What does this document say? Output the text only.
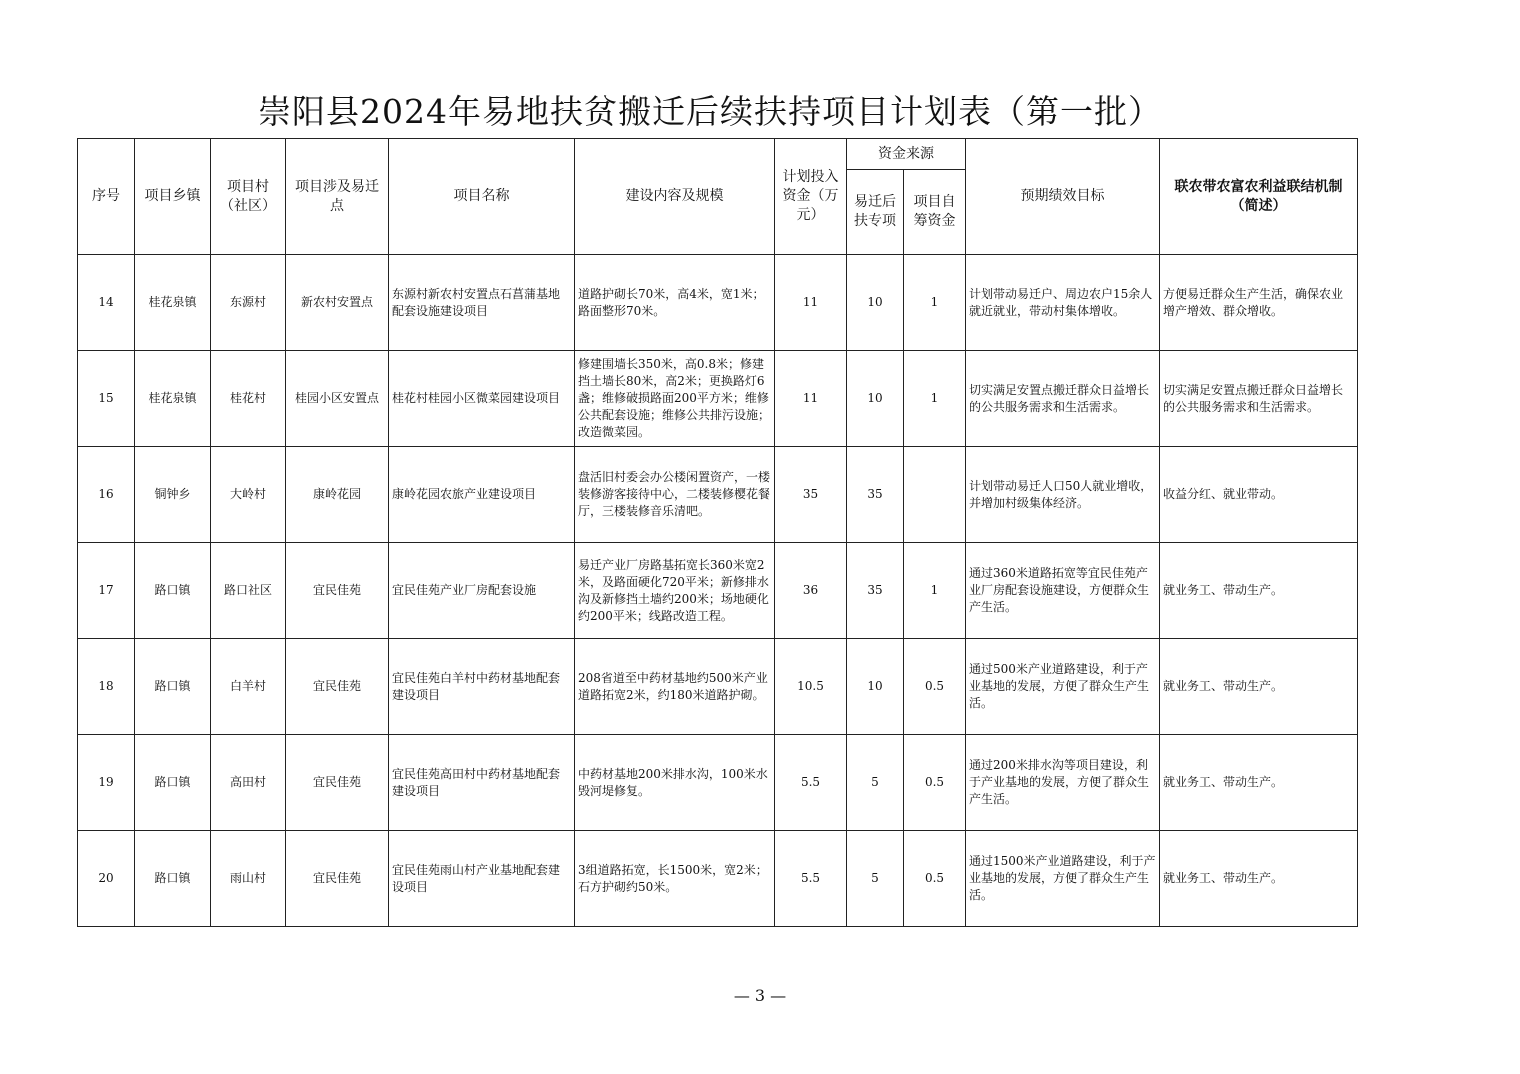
崇阳县2024年易地扶贫搬迁后续扶持项目计划表（第一批）
序号	项目乡镇	项目村（社区）	项目涉及易迁点	项目名称	建设内容及规模	计划投入资金（万元）	资金来源		预期绩效目标	联农带农富农利益联结机制（简述）
							易迁后扶专项	项目自筹资金		
14	桂花泉镇	东源村	新农村安置点	东源村新农村安置点石菖蒲基地配套设施建设项目	道路护砌长70米，高4米，宽1米；路面整形70米。	11	10	1	计划带动易迁户、周边农户15余人就近就业，带动村集体增收。	方便易迁群众生产生活，确保农业增产增效、群众增收。
15	桂花泉镇	桂花村	桂园小区安置点	桂花村桂园小区微菜园建设项目	修建围墙长350米，高0.8米；修建挡土墙长80米，高2米；更换路灯6盏；维修破损路面200平方米；维修公共配套设施；维修公共排污设施；改造微菜园。	11	10	1	切实满足安置点搬迁群众日益增长的公共服务需求和生活需求。	切实满足安置点搬迁群众日益增长的公共服务需求和生活需求。
16	铜钟乡	大岭村	康岭花园	康岭花园农旅产业建设项目	盘活旧村委会办公楼闲置资产，一楼装修游客接待中心，二楼装修樱花餐厅，三楼装修音乐清吧。	35	35		计划带动易迁人口50人就业增收，并增加村级集体经济。	收益分红、就业带动。
17	路口镇	路口社区	宜民佳苑	宜民佳苑产业厂房配套设施	易迁产业厂房路基拓宽长360米宽2米，及路面硬化720平米；新修排水沟及新修挡土墙约200米；场地硬化约200平米；线路改造工程。	36	35	1	通过360米道路拓宽等宜民佳苑产业厂房配套设施建设，方便群众生产生活。	就业务工、带动生产。
18	路口镇	白羊村	宜民佳苑	宜民佳苑白羊村中药材基地配套建设项目	208省道至中药材基地约500米产业道路拓宽2米，约180米道路护砌。	10.5	10	0.5	通过500米产业道路建设，利于产业基地的发展，方便了群众生产生活。	就业务工、带动生产。
19	路口镇	高田村	宜民佳苑	宜民佳苑高田村中药材基地配套建设项目	中药材基地200米排水沟，100米水毁河堤修复。	5.5	5	0.5	通过200米排水沟等项目建设，利于产业基地的发展，方便了群众生产生活。	就业务工、带动生产。
20	路口镇	雨山村	宜民佳苑	宜民佳苑雨山村产业基地配套建设项目	3组道路拓宽，长1500米，宽2米；石方护砌约50米。	5.5	5	0.5	通过1500米产业道路建设，利于产业基地的发展，方便了群众生产生活。	就业务工、带动生产。
— 3 —
